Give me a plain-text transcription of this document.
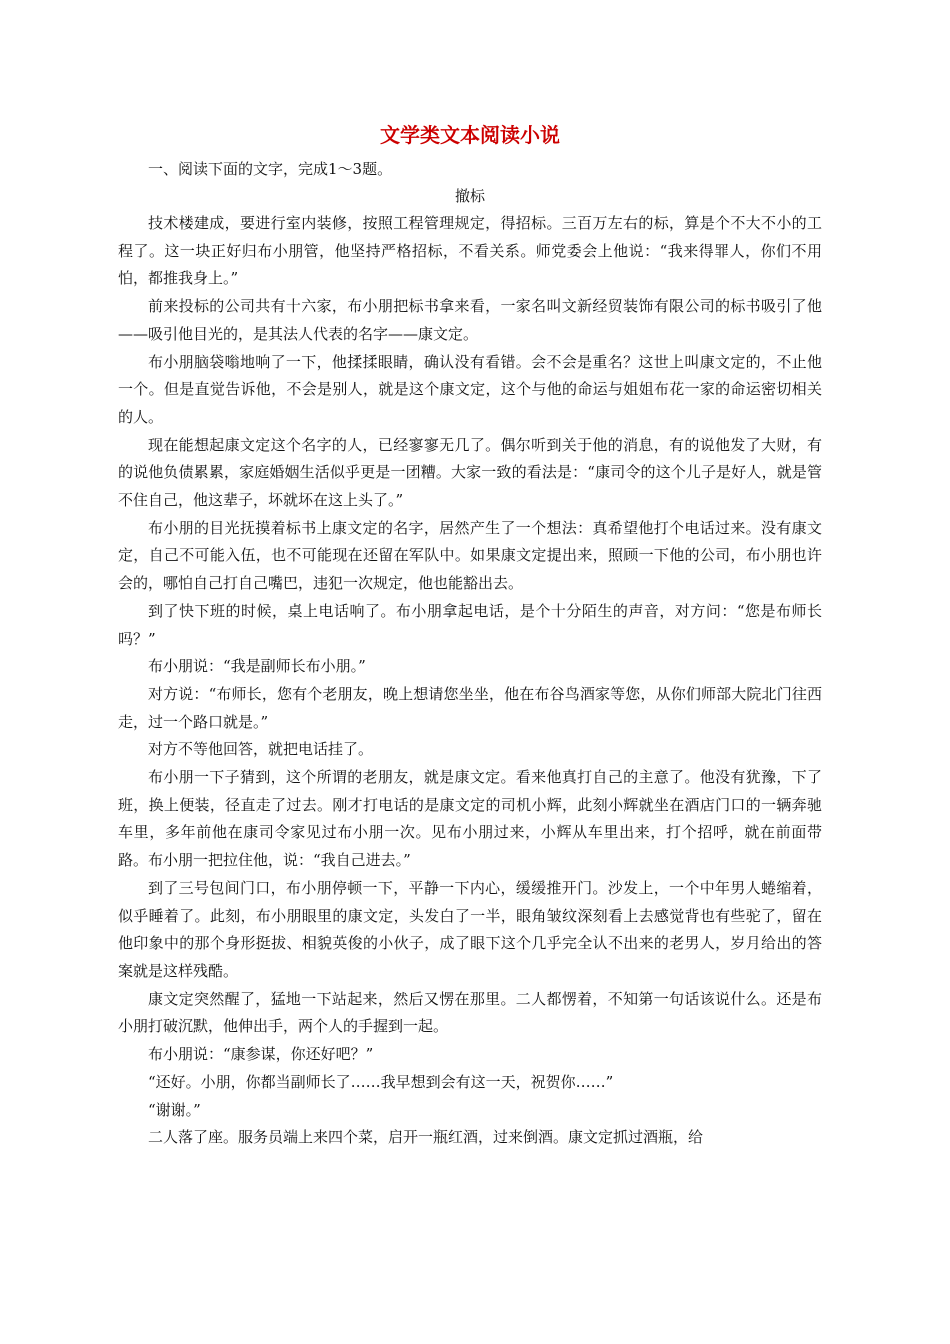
文学类文本阅读小说

一、阅读下面的文字，完成1～3题。

撤标

技术楼建成，要进行室内装修，按照工程管理规定，得招标。三百万左右的标，算是个不大不小的工程了。这一块正好归布小朋管，他坚持严格招标，不看关系。师党委会上他说：“我来得罪人，你们不用怕，都推我身上。”

前来投标的公司共有十六家，布小朋把标书拿来看，一家名叫文新经贸装饰有限公司的标书吸引了他——吸引他目光的，是其法人代表的名字——康文定。

布小朋脑袋嗡地响了一下，他揉揉眼睛，确认没有看错。会不会是重名？这世上叫康文定的，不止他一个。但是直觉告诉他，不会是别人，就是这个康文定，这个与他的命运与姐姐布花一家的命运密切相关的人。

现在能想起康文定这个名字的人，已经寥寥无几了。偶尔听到关于他的消息，有的说他发了大财，有的说他负债累累，家庭婚姻生活似乎更是一团糟。大家一致的看法是：“康司令的这个儿子是好人，就是管不住自己，他这辈子，坏就坏在这上头了。”

布小朋的目光抚摸着标书上康文定的名字，居然产生了一个想法：真希望他打个电话过来。没有康文定，自己不可能入伍，也不可能现在还留在军队中。如果康文定提出来，照顾一下他的公司，布小朋也许会的，哪怕自己打自己嘴巴，违犯一次规定，他也能豁出去。

到了快下班的时候，桌上电话响了。布小朋拿起电话，是个十分陌生的声音，对方问：“您是布师长吗？”

布小朋说：“我是副师长布小朋。”

对方说：“布师长，您有个老朋友，晚上想请您坐坐，他在布谷鸟酒家等您，从你们师部大院北门往西走，过一个路口就是。”

对方不等他回答，就把电话挂了。

布小朋一下子猜到，这个所谓的老朋友，就是康文定。看来他真打自己的主意了。他没有犹豫，下了班，换上便装，径直走了过去。刚才打电话的是康文定的司机小辉，此刻小辉就坐在酒店门口的一辆奔驰车里，多年前他在康司令家见过布小朋一次。见布小朋过来，小辉从车里出来，打个招呼，就在前面带路。布小朋一把拉住他，说：“我自己进去。”

到了三号包间门口，布小朋停顿一下，平静一下内心，缓缓推开门。沙发上，一个中年男人蜷缩着，似乎睡着了。此刻，布小朋眼里的康文定，头发白了一半，眼角皱纹深刻看上去感觉背也有些驼了，留在他印象中的那个身形挺拔、相貌英俊的小伙子，成了眼下这个几乎完全认不出来的老男人，岁月给出的答案就是这样残酷。

康文定突然醒了，猛地一下站起来，然后又愣在那里。二人都愣着，不知第一句话该说什么。还是布小朋打破沉默，他伸出手，两个人的手握到一起。

布小朋说：“康参谋，你还好吧？”

“还好。小朋，你都当副师长了……我早想到会有这一天，祝贺你……”

“谢谢。”

二人落了座。服务员端上来四个菜，启开一瓶红酒，过来倒酒。康文定抓过酒瓶，给
